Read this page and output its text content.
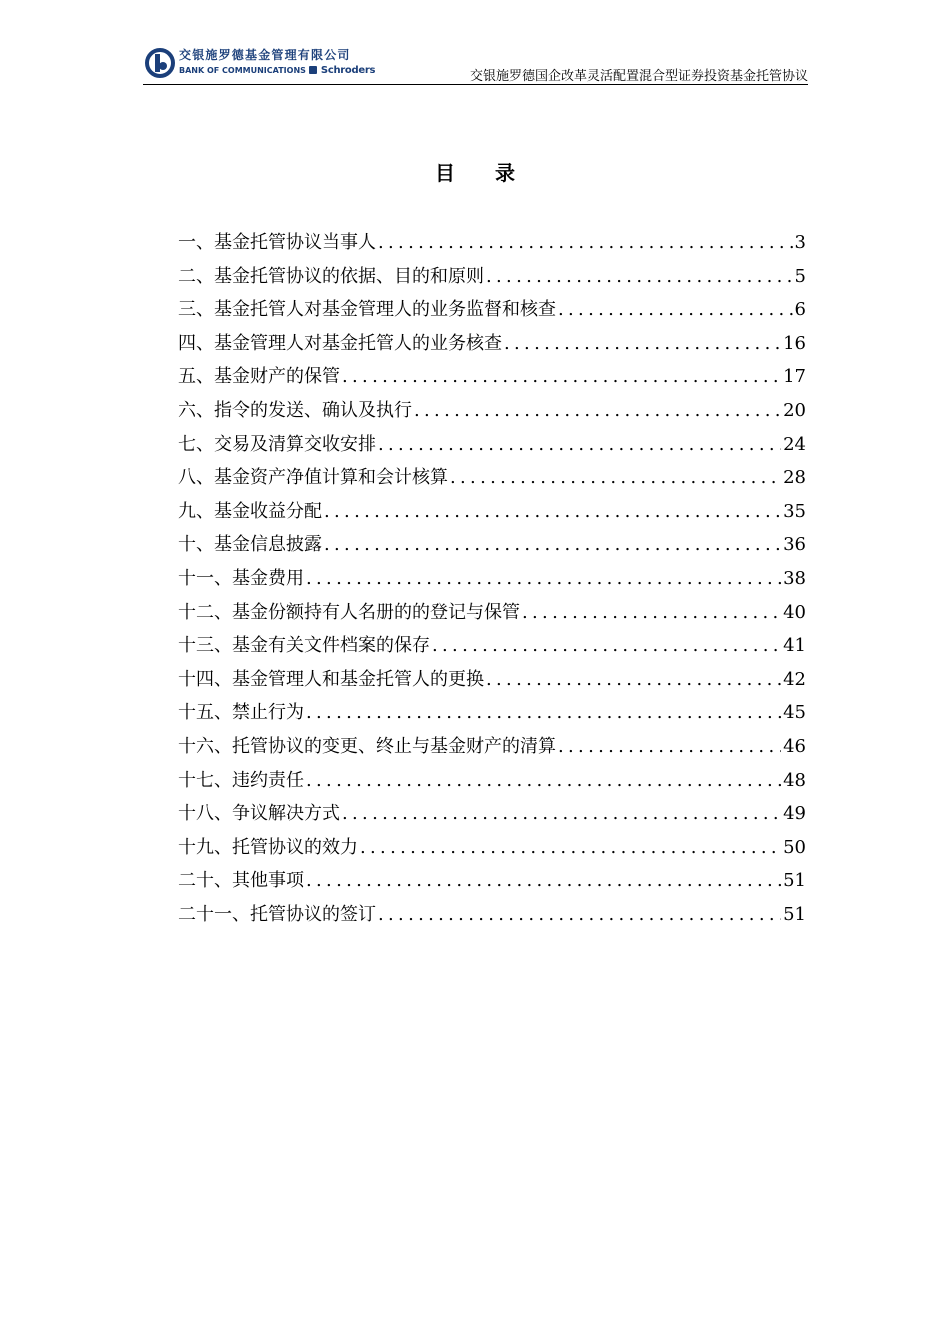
交银施罗德基金管理有限公司
BANK OF COMMUNICATIONS Schroders	交银施罗德国企改革灵活配置混合型证券投资基金托管协议
目录
一、基金托管协议当事人 .....	3
二、基金托管协议的依据、目的和原则 .....	5
三、基金托管人对基金管理人的业务监督和核查 .....	6
四、基金管理人对基金托管人的业务核查 .....	16
五、基金财产的保管 .....	17
六、指令的发送、确认及执行 .....	20
七、交易及清算交收安排 .....	24
八、基金资产净值计算和会计核算 .....	28
九、基金收益分配 .....	35
十、基金信息披露 .....	36
十一、基金费用 .....	38
十二、基金份额持有人名册的的登记与保管 .....	40
十三、基金有关文件档案的保存 .....	41
十四、基金管理人和基金托管人的更换 .....	42
十五、禁止行为 .....	45
十六、托管协议的变更、终止与基金财产的清算 .....	46
十七、违约责任 .....	48
十八、争议解决方式 .....	49
十九、托管协议的效力 .....	50
二十、其他事项 .....	51
二十一、托管协议的签订 .....	51
